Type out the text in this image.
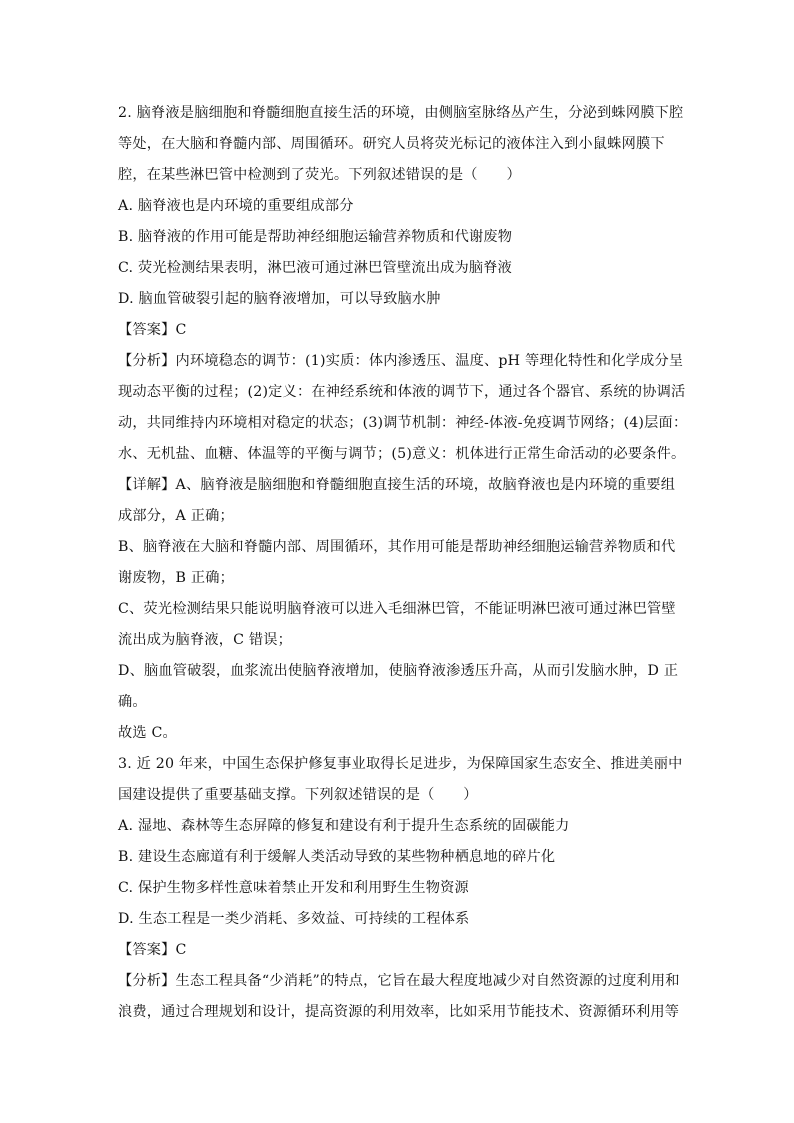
2. 脑脊液是脑细胞和脊髓细胞直接生活的环境，由侧脑室脉络丛产生，分泌到蛛网膜下腔
等处，在大脑和脊髓内部、周围循环。研究人员将荧光标记的液体注入到小鼠蛛网膜下
腔，在某些淋巴管中检测到了荧光。下列叙述错误的是（　　）
A. 脑脊液也是内环境的重要组成部分
B. 脑脊液的作用可能是帮助神经细胞运输营养物质和代谢废物
C. 荧光检测结果表明，淋巴液可通过淋巴管壁流出成为脑脊液
D. 脑血管破裂引起的脑脊液增加，可以导致脑水肿
【答案】C
【分析】内环境稳态的调节：(1)实质：体内渗透压、温度、pH 等理化特性和化学成分呈
现动态平衡的过程；(2)定义：在神经系统和体液的调节下，通过各个器官、系统的协调活
动，共同维持内环境相对稳定的状态；(3)调节机制：神经-体液-免疫调节网络；(4)层面：
水、无机盐、血糖、体温等的平衡与调节；(5)意义：机体进行正常生命活动的必要条件。
【详解】A、脑脊液是脑细胞和脊髓细胞直接生活的环境，故脑脊液也是内环境的重要组
成部分，A 正确；
B、脑脊液在大脑和脊髓内部、周围循环，其作用可能是帮助神经细胞运输营养物质和代
谢废物，B 正确；
C、荧光检测结果只能说明脑脊液可以进入毛细淋巴管，不能证明淋巴液可通过淋巴管壁
流出成为脑脊液，C 错误；
D、脑血管破裂，血浆流出使脑脊液增加，使脑脊液渗透压升高，从而引发脑水肿，D 正
确。
故选 C。
3. 近 20 年来，中国生态保护修复事业取得长足进步，为保障国家生态安全、推进美丽中
国建设提供了重要基础支撑。下列叙述错误的是（　　）
A. 湿地、森林等生态屏障的修复和建设有利于提升生态系统的固碳能力
B. 建设生态廊道有利于缓解人类活动导致的某些物种栖息地的碎片化
C. 保护生物多样性意味着禁止开发和利用野生生物资源
D. 生态工程是一类少消耗、多效益、可持续的工程体系
【答案】C
【分析】生态工程具备“少消耗”的特点，它旨在最大程度地减少对自然资源的过度利用和
浪费，通过合理规划和设计，提高资源的利用效率，比如采用节能技术、资源循环利用等
